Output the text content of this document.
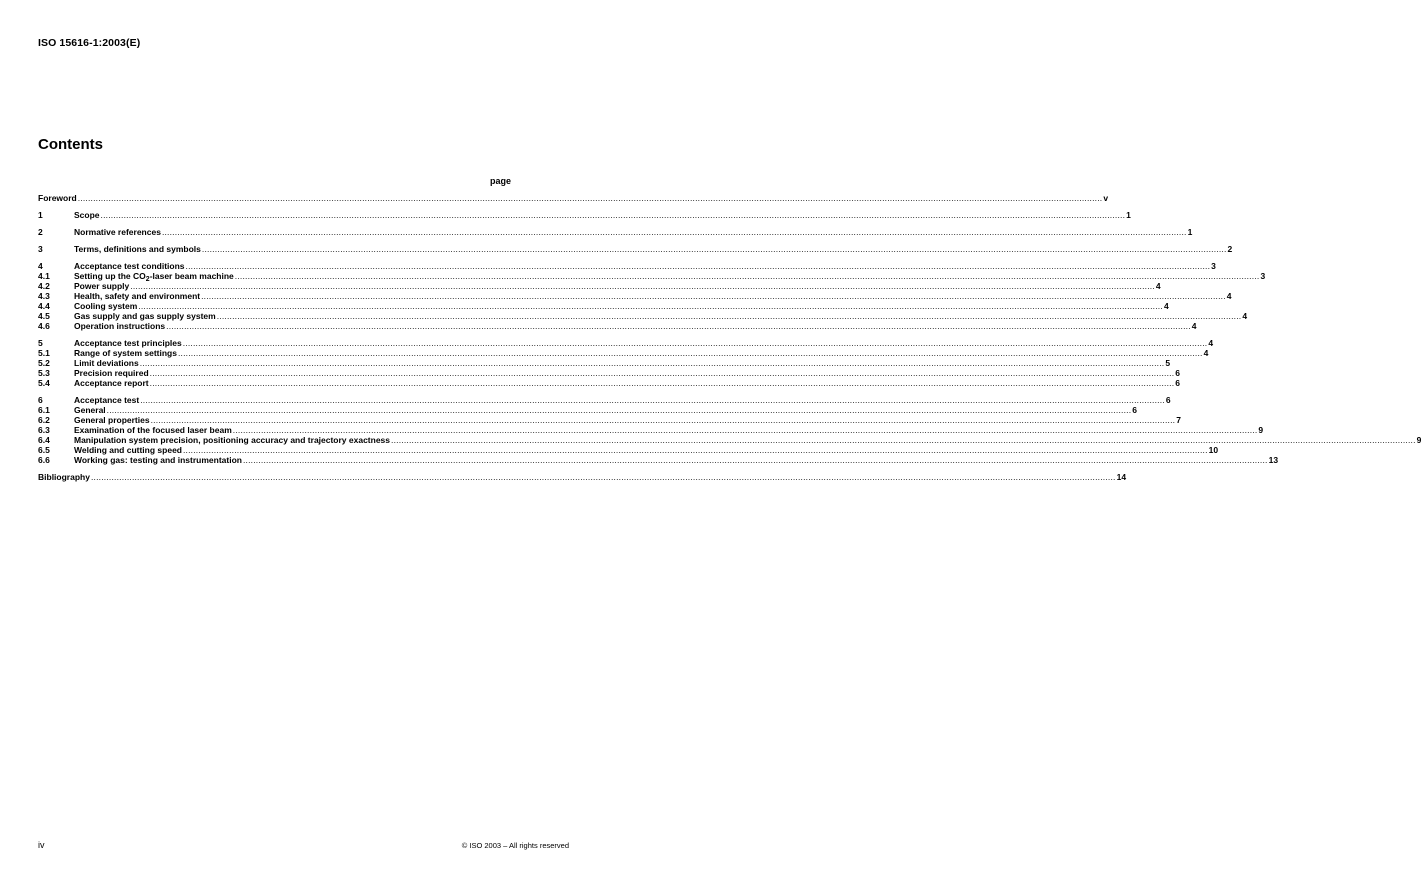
ISO 15616-1:2003(E)
Contents
page
Foreword ................................................................................................................................................................................................................................................................................................................................................................................................................ v
1	Scope ................................................................................................................................................................................................................................................................................................................................................................................................................ 1
2	Normative references ................................................................................................................................................................................................................................................................................................................................................................................................................ 1
3	Terms, definitions and symbols ................................................................................................................................................................................................................................................................................................................................................................................................................ 2
4	Acceptance test conditions ................................................................................................................................................................................................................................................................................................................................................................................................................ 3
4.1	Setting up the $CO_2$-laser beam machine ................................................................................................................................................................................................................................................................................................................................................................................................................ 3
4.2	Power supply ................................................................................................................................................................................................................................................................................................................................................................................................................ 4
4.3	Health, safety and environment ................................................................................................................................................................................................................................................................................................................................................................................................................ 4
4.4	Cooling system ................................................................................................................................................................................................................................................................................................................................................................................................................ 4
4.5	Gas supply and gas supply system ................................................................................................................................................................................................................................................................................................................................................................................................................ 4
4.6	Operation instructions ................................................................................................................................................................................................................................................................................................................................................................................................................ 4
5	Acceptance test principles ................................................................................................................................................................................................................................................................................................................................................................................................................ 4
5.1	Range of system settings ................................................................................................................................................................................................................................................................................................................................................................................................................ 4
5.2	Limit deviations ................................................................................................................................................................................................................................................................................................................................................................................................................ 5
5.3	Precision required ................................................................................................................................................................................................................................................................................................................................................................................................................ 6
5.4	Acceptance report ................................................................................................................................................................................................................................................................................................................................................................................................................ 6
6	Acceptance test ................................................................................................................................................................................................................................................................................................................................................................................................................ 6
6.1	General ................................................................................................................................................................................................................................................................................................................................................................................................................ 6
6.2	General properties ................................................................................................................................................................................................................................................................................................................................................................................................................ 7
6.3	Examination of the focused laser beam ................................................................................................................................................................................................................................................................................................................................................................................................................ 9
6.4	Manipulation system precision, positioning accuracy and trajectory exactness ................................................................................................................................................................................................................................................................................................................................................................................................................ 9
6.5	Welding and cutting speed ................................................................................................................................................................................................................................................................................................................................................................................................................ 10
6.6	Working gas: testing and instrumentation ................................................................................................................................................................................................................................................................................................................................................................................................................ 13
Bibliography ................................................................................................................................................................................................................................................................................................................................................................................................................ 14
iv	© ISO 2003 – All rights reserved
